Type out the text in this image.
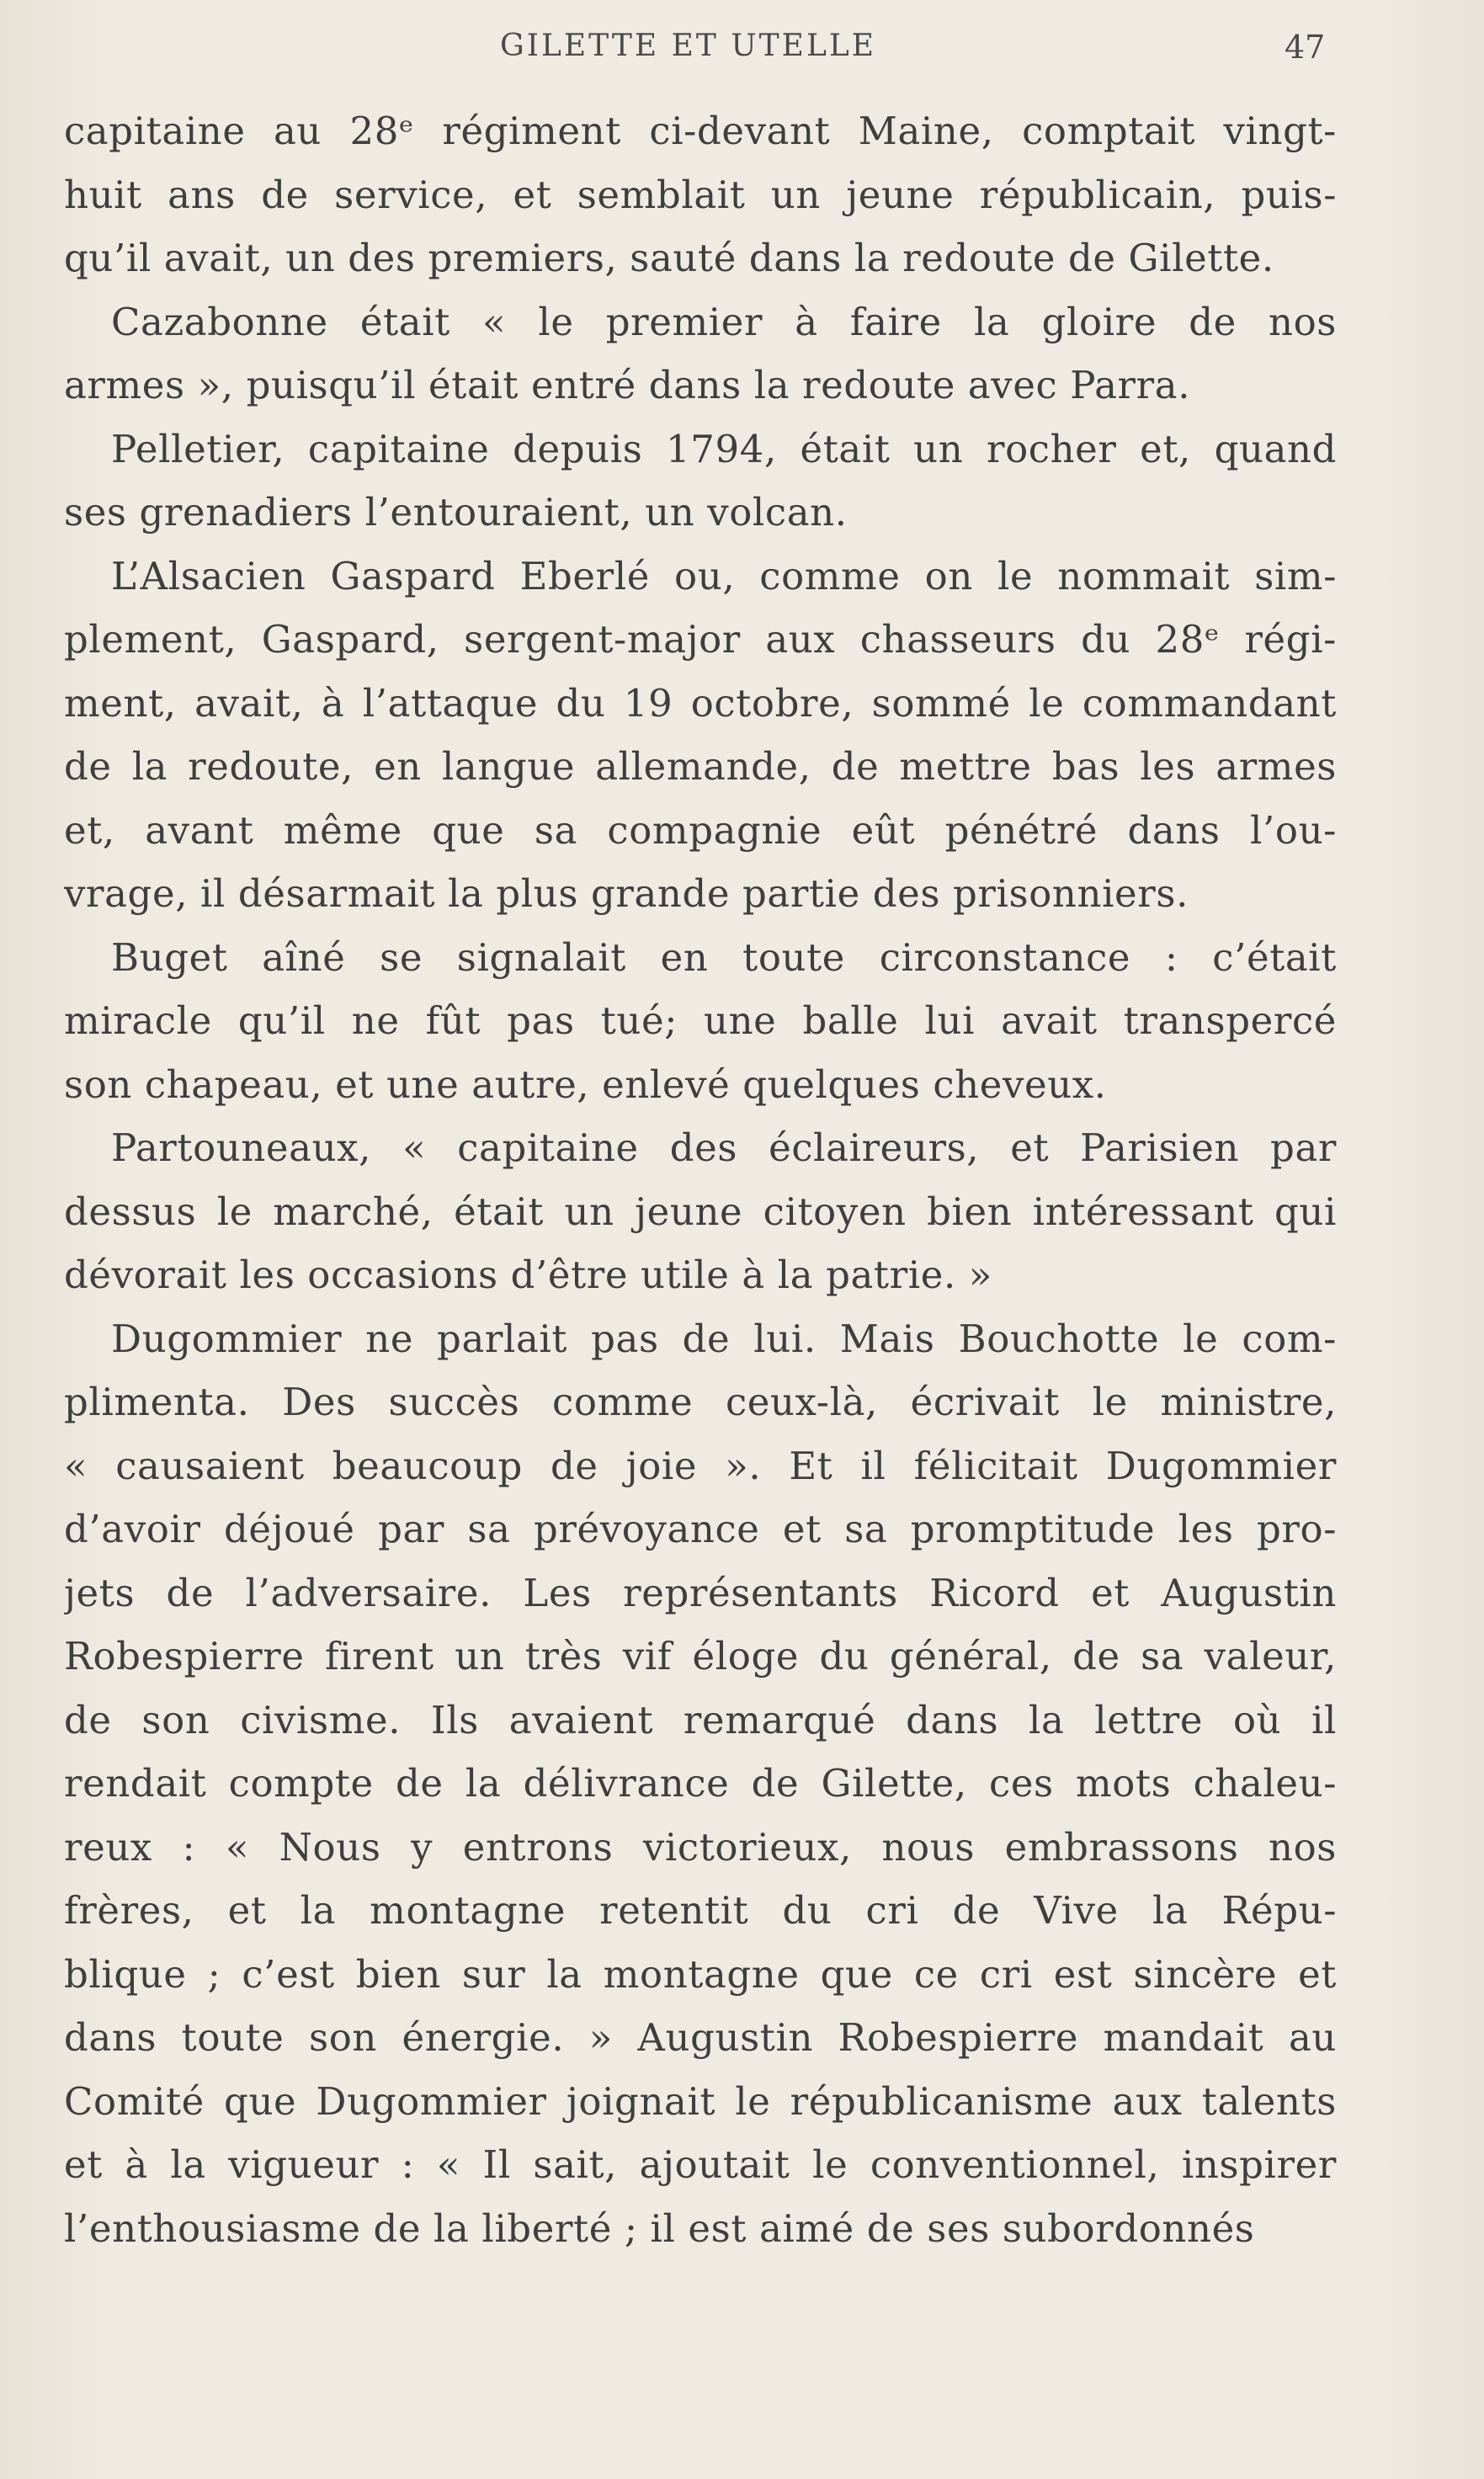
GILETTE ET UTELLE	47
capitaine au 28ᵉ régiment ci-devant Maine, comptait vingt-
huit ans de service, et semblait un jeune républicain, puis-
qu’il avait, un des premiers, sauté dans la redoute de Gilette.
Cazabonne était « le premier à faire la gloire de nos
armes », puisqu’il était entré dans la redoute avec Parra.
Pelletier, capitaine depuis 1794, était un rocher et, quand
ses grenadiers l’entouraient, un volcan.
L’Alsacien Gaspard Eberlé ou, comme on le nommait sim-
plement, Gaspard, sergent-major aux chasseurs du 28ᵉ régi-
ment, avait, à l’attaque du 19 octobre, sommé le commandant
de la redoute, en langue allemande, de mettre bas les armes
et, avant même que sa compagnie eût pénétré dans l’ou-
vrage, il désarmait la plus grande partie des prisonniers.
Buget aîné se signalait en toute circonstance : c’était
miracle qu’il ne fût pas tué; une balle lui avait transpercé
son chapeau, et une autre, enlevé quelques cheveux.
Partouneaux, « capitaine des éclaireurs, et Parisien par
dessus le marché, était un jeune citoyen bien intéressant qui
dévorait les occasions d’être utile à la patrie. »
Dugommier ne parlait pas de lui. Mais Bouchotte le com-
plimenta. Des succès comme ceux-là, écrivait le ministre,
« causaient beaucoup de joie ». Et il félicitait Dugommier
d’avoir déjoué par sa prévoyance et sa promptitude les pro-
jets de l’adversaire. Les représentants Ricord et Augustin
Robespierre firent un très vif éloge du général, de sa valeur,
de son civisme. Ils avaient remarqué dans la lettre où il
rendait compte de la délivrance de Gilette, ces mots chaleu-
reux : « Nous y entrons victorieux, nous embrassons nos
frères, et la montagne retentit du cri de Vive la Répu-
blique ; c’est bien sur la montagne que ce cri est sincère et
dans toute son énergie. » Augustin Robespierre mandait au
Comité que Dugommier joignait le républicanisme aux talents
et à la vigueur : « Il sait, ajoutait le conventionnel, inspirer
l’enthousiasme de la liberté ; il est aimé de ses subordonnés
